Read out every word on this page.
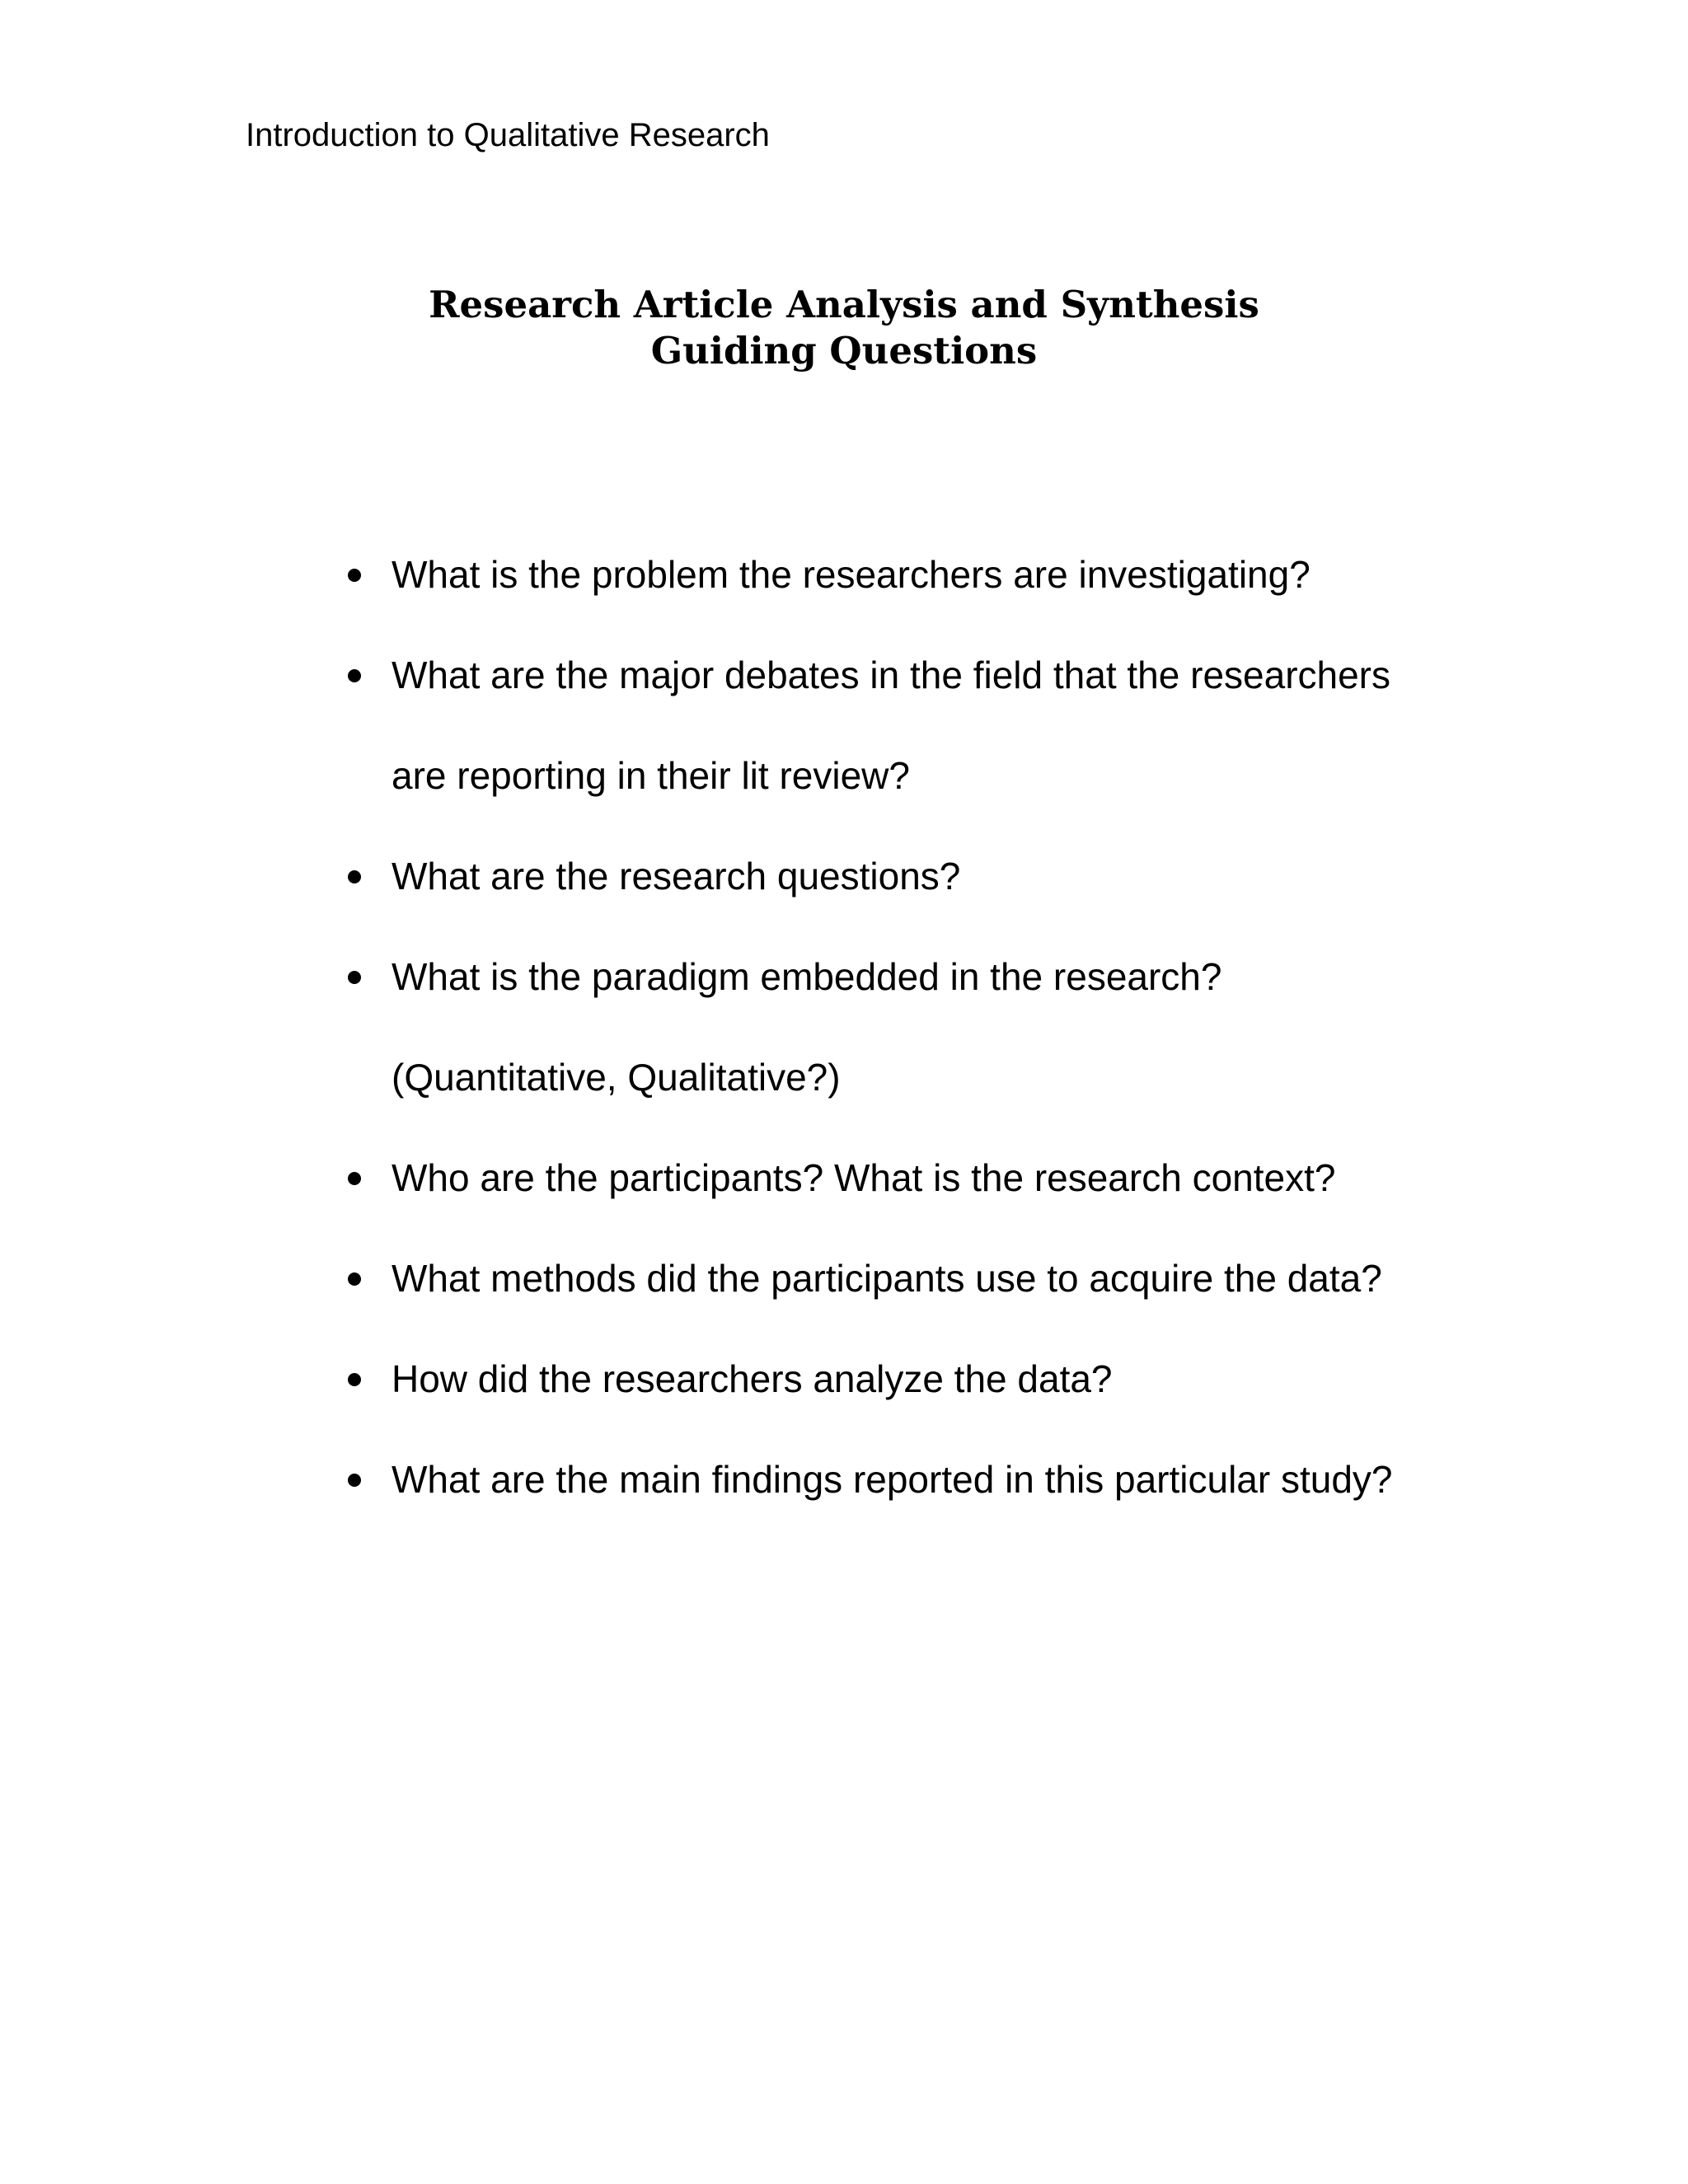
Introduction to Qualitative Research
Research Article Analysis and Synthesis
Guiding Questions
What is the problem the researchers are investigating?
What are the major debates in the field that the researchers
are reporting in their lit review?
What are the research questions?
What is the paradigm embedded in the research?
(Quantitative, Qualitative?)
Who are the participants? What is the research context?
What methods did the participants use to acquire the data?
How did the researchers analyze the data?
What are the main findings reported in this particular study?
